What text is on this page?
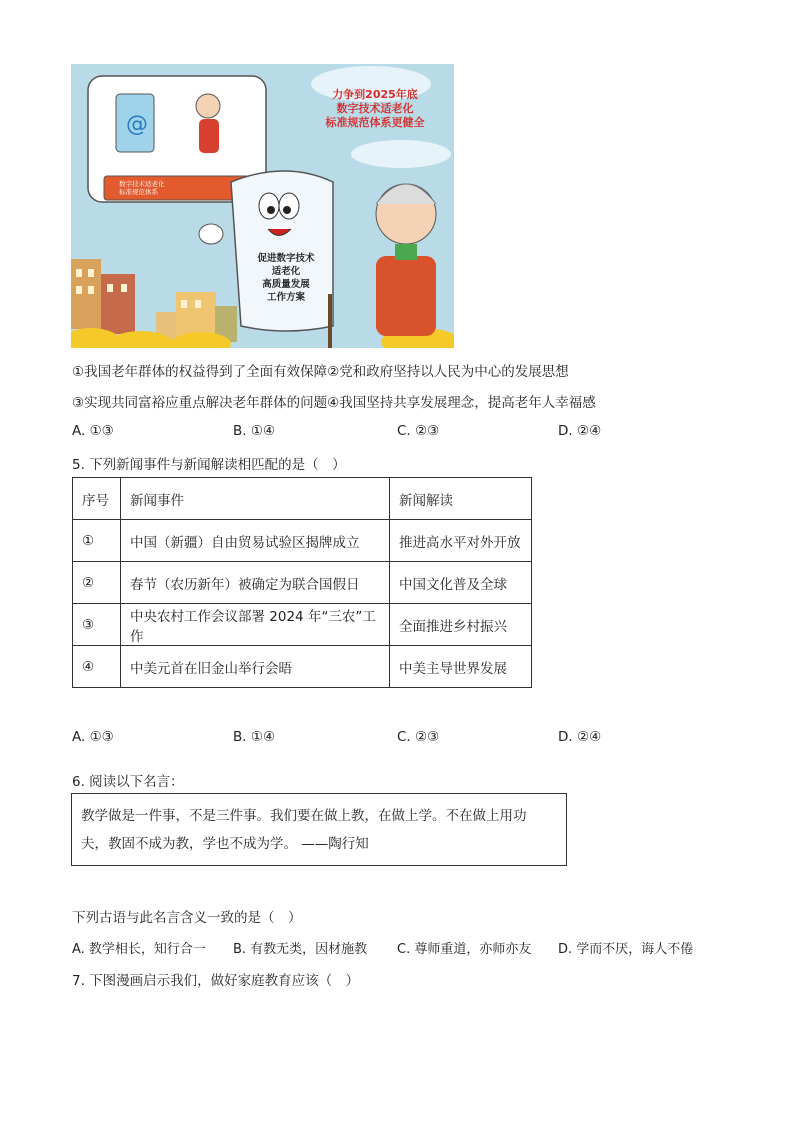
@
力争到2025年底
数字技术适老化
标准规范体系更健全
数字技术适老化
标准规范体系
促进数字技术
适老化
高质量发展
工作方案
①我国老年群体的权益得到了全面有效保障②党和政府坚持以人民为中心的发展思想
③实现共同富裕应重点解决老年群体的问题④我国坚持共享发展理念，提高老年人幸福感
A. ①③	B. ①④	C. ②③	D. ②④
5. 下列新闻事件与新闻解读相匹配的是（　）
序号	新闻事件	新闻解读
①	中国（新疆）自由贸易试验区揭牌成立	推进高水平对外开放
②	春节（农历新年）被确定为联合国假日	中国文化普及全球
③	中央农村工作会议部署 2024 年“三农”工作	全面推进乡村振兴
④	中美元首在旧金山举行会晤	中美主导世界发展
A. ①③	B. ①④	C. ②③	D. ②④
6. 阅读以下名言：
教学做是一件事，不是三件事。我们要在做上教，在做上学。不在做上用功
夫，教固不成为教，学也不成为学。 ——陶行知
下列古语与此名言含义一致的是（　）
A. 教学相长，知行合一 B. 有教无类，因材施教 C. 尊师重道，亦师亦友 D. 学而不厌，诲人不倦
7. 下图漫画启示我们，做好家庭教育应该（　）
